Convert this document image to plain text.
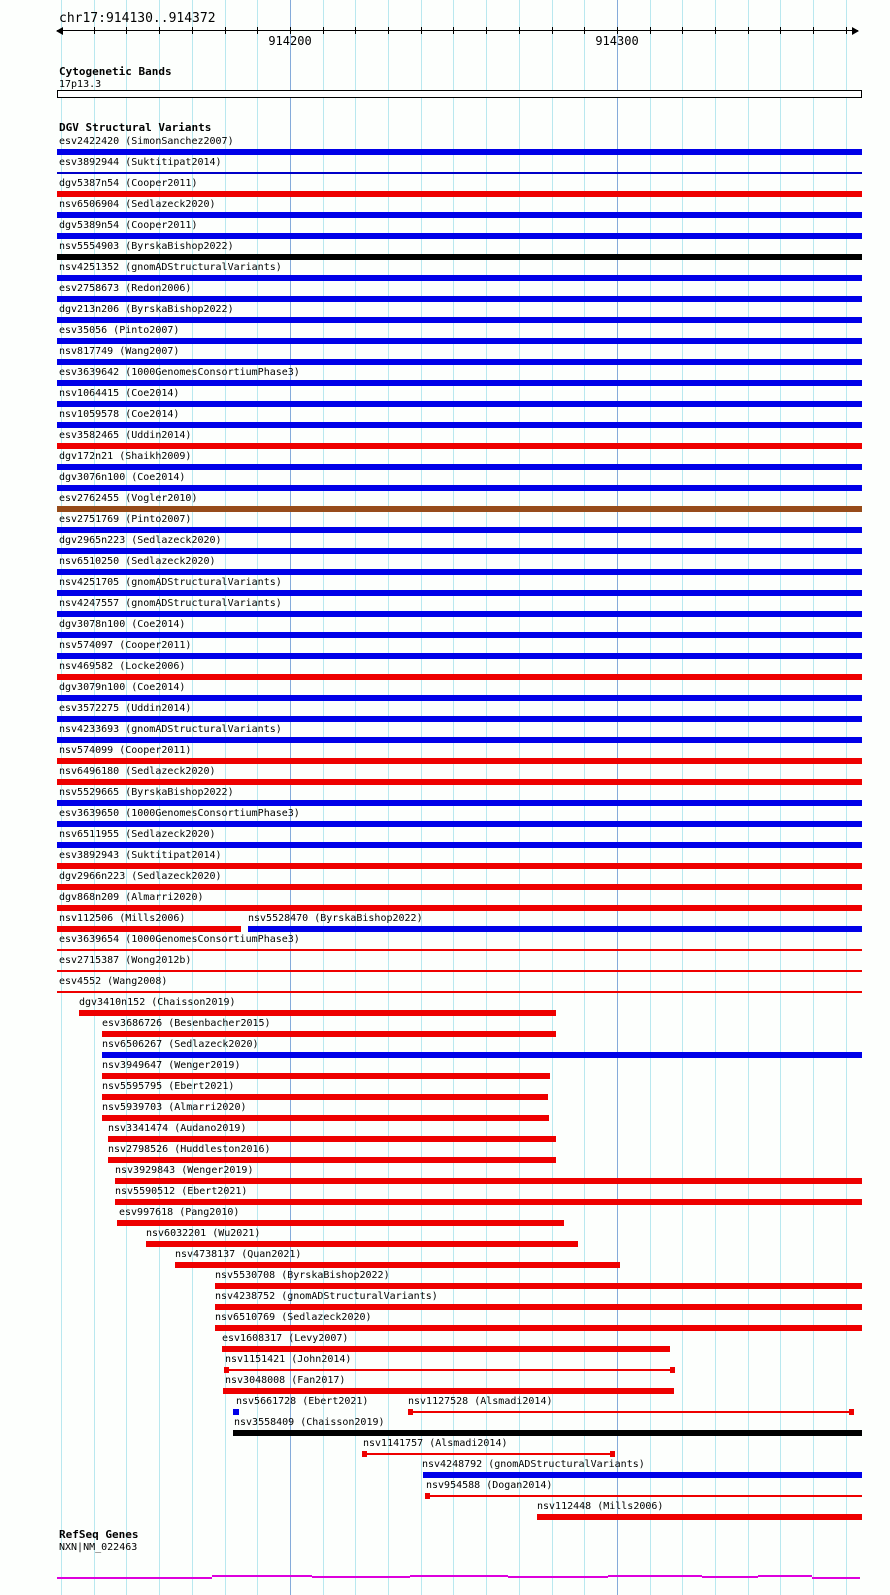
chr17:914130..914372
914200	914300
Cytogenetic Bands
17p13.3
DGV Structural Variants
esv2422420 (SimonSanchez2007)
esv3892944 (Suktitipat2014)
dgv5387n54 (Cooper2011)
nsv6506904 (Sedlazeck2020)
dgv5389n54 (Cooper2011)
nsv5554903 (ByrskaBishop2022)
nsv4251352 (gnomADStructuralVariants)
esv2758673 (Redon2006)
dgv213n206 (ByrskaBishop2022)
esv35056 (Pinto2007)
nsv817749 (Wang2007)
esv3639642 (1000GenomesConsortiumPhase3)
nsv1064415 (Coe2014)
nsv1059578 (Coe2014)
esv3582465 (Uddin2014)
dgv172n21 (Shaikh2009)
dgv3076n100 (Coe2014)
esv2762455 (Vogler2010)
esv2751769 (Pinto2007)
dgv2965n223 (Sedlazeck2020)
nsv6510250 (Sedlazeck2020)
nsv4251705 (gnomADStructuralVariants)
nsv4247557 (gnomADStructuralVariants)
dgv3078n100 (Coe2014)
nsv574097 (Cooper2011)
nsv469582 (Locke2006)
dgv3079n100 (Coe2014)
esv3572275 (Uddin2014)
nsv4233693 (gnomADStructuralVariants)
nsv574099 (Cooper2011)
nsv6496180 (Sedlazeck2020)
nsv5529665 (ByrskaBishop2022)
esv3639650 (1000GenomesConsortiumPhase3)
nsv6511955 (Sedlazeck2020)
esv3892943 (Suktitipat2014)
dgv2966n223 (Sedlazeck2020)
dgv868n209 (Almarri2020)
nsv112506 (Mills2006)	nsv5528470 (ByrskaBishop2022)
esv3639654 (1000GenomesConsortiumPhase3)
esv2715387 (Wong2012b)
esv4552 (Wang2008)
dgv3410n152 (Chaisson2019)
esv3686726 (Besenbacher2015)
nsv6506267 (Sedlazeck2020)
nsv3949647 (Wenger2019)
nsv5595795 (Ebert2021)
nsv5939703 (Almarri2020)
nsv3341474 (Audano2019)
nsv2798526 (Huddleston2016)
nsv3929843 (Wenger2019)
nsv5590512 (Ebert2021)
esv997618 (Pang2010)
nsv6032201 (Wu2021)
nsv4738137 (Quan2021)
nsv5530708 (ByrskaBishop2022)
nsv4238752 (gnomADStructuralVariants)
nsv6510769 (Sedlazeck2020)
esv1608317 (Levy2007)
nsv1151421 (John2014)
nsv3048008 (Fan2017)
nsv5661728 (Ebert2021)	nsv1127528 (Alsmadi2014)
nsv3558409 (Chaisson2019)
nsv1141757 (Alsmadi2014)
nsv4248792 (gnomADStructuralVariants)
nsv954588 (Dogan2014)
nsv112448 (Mills2006)
RefSeq Genes
NXN|NM_022463
